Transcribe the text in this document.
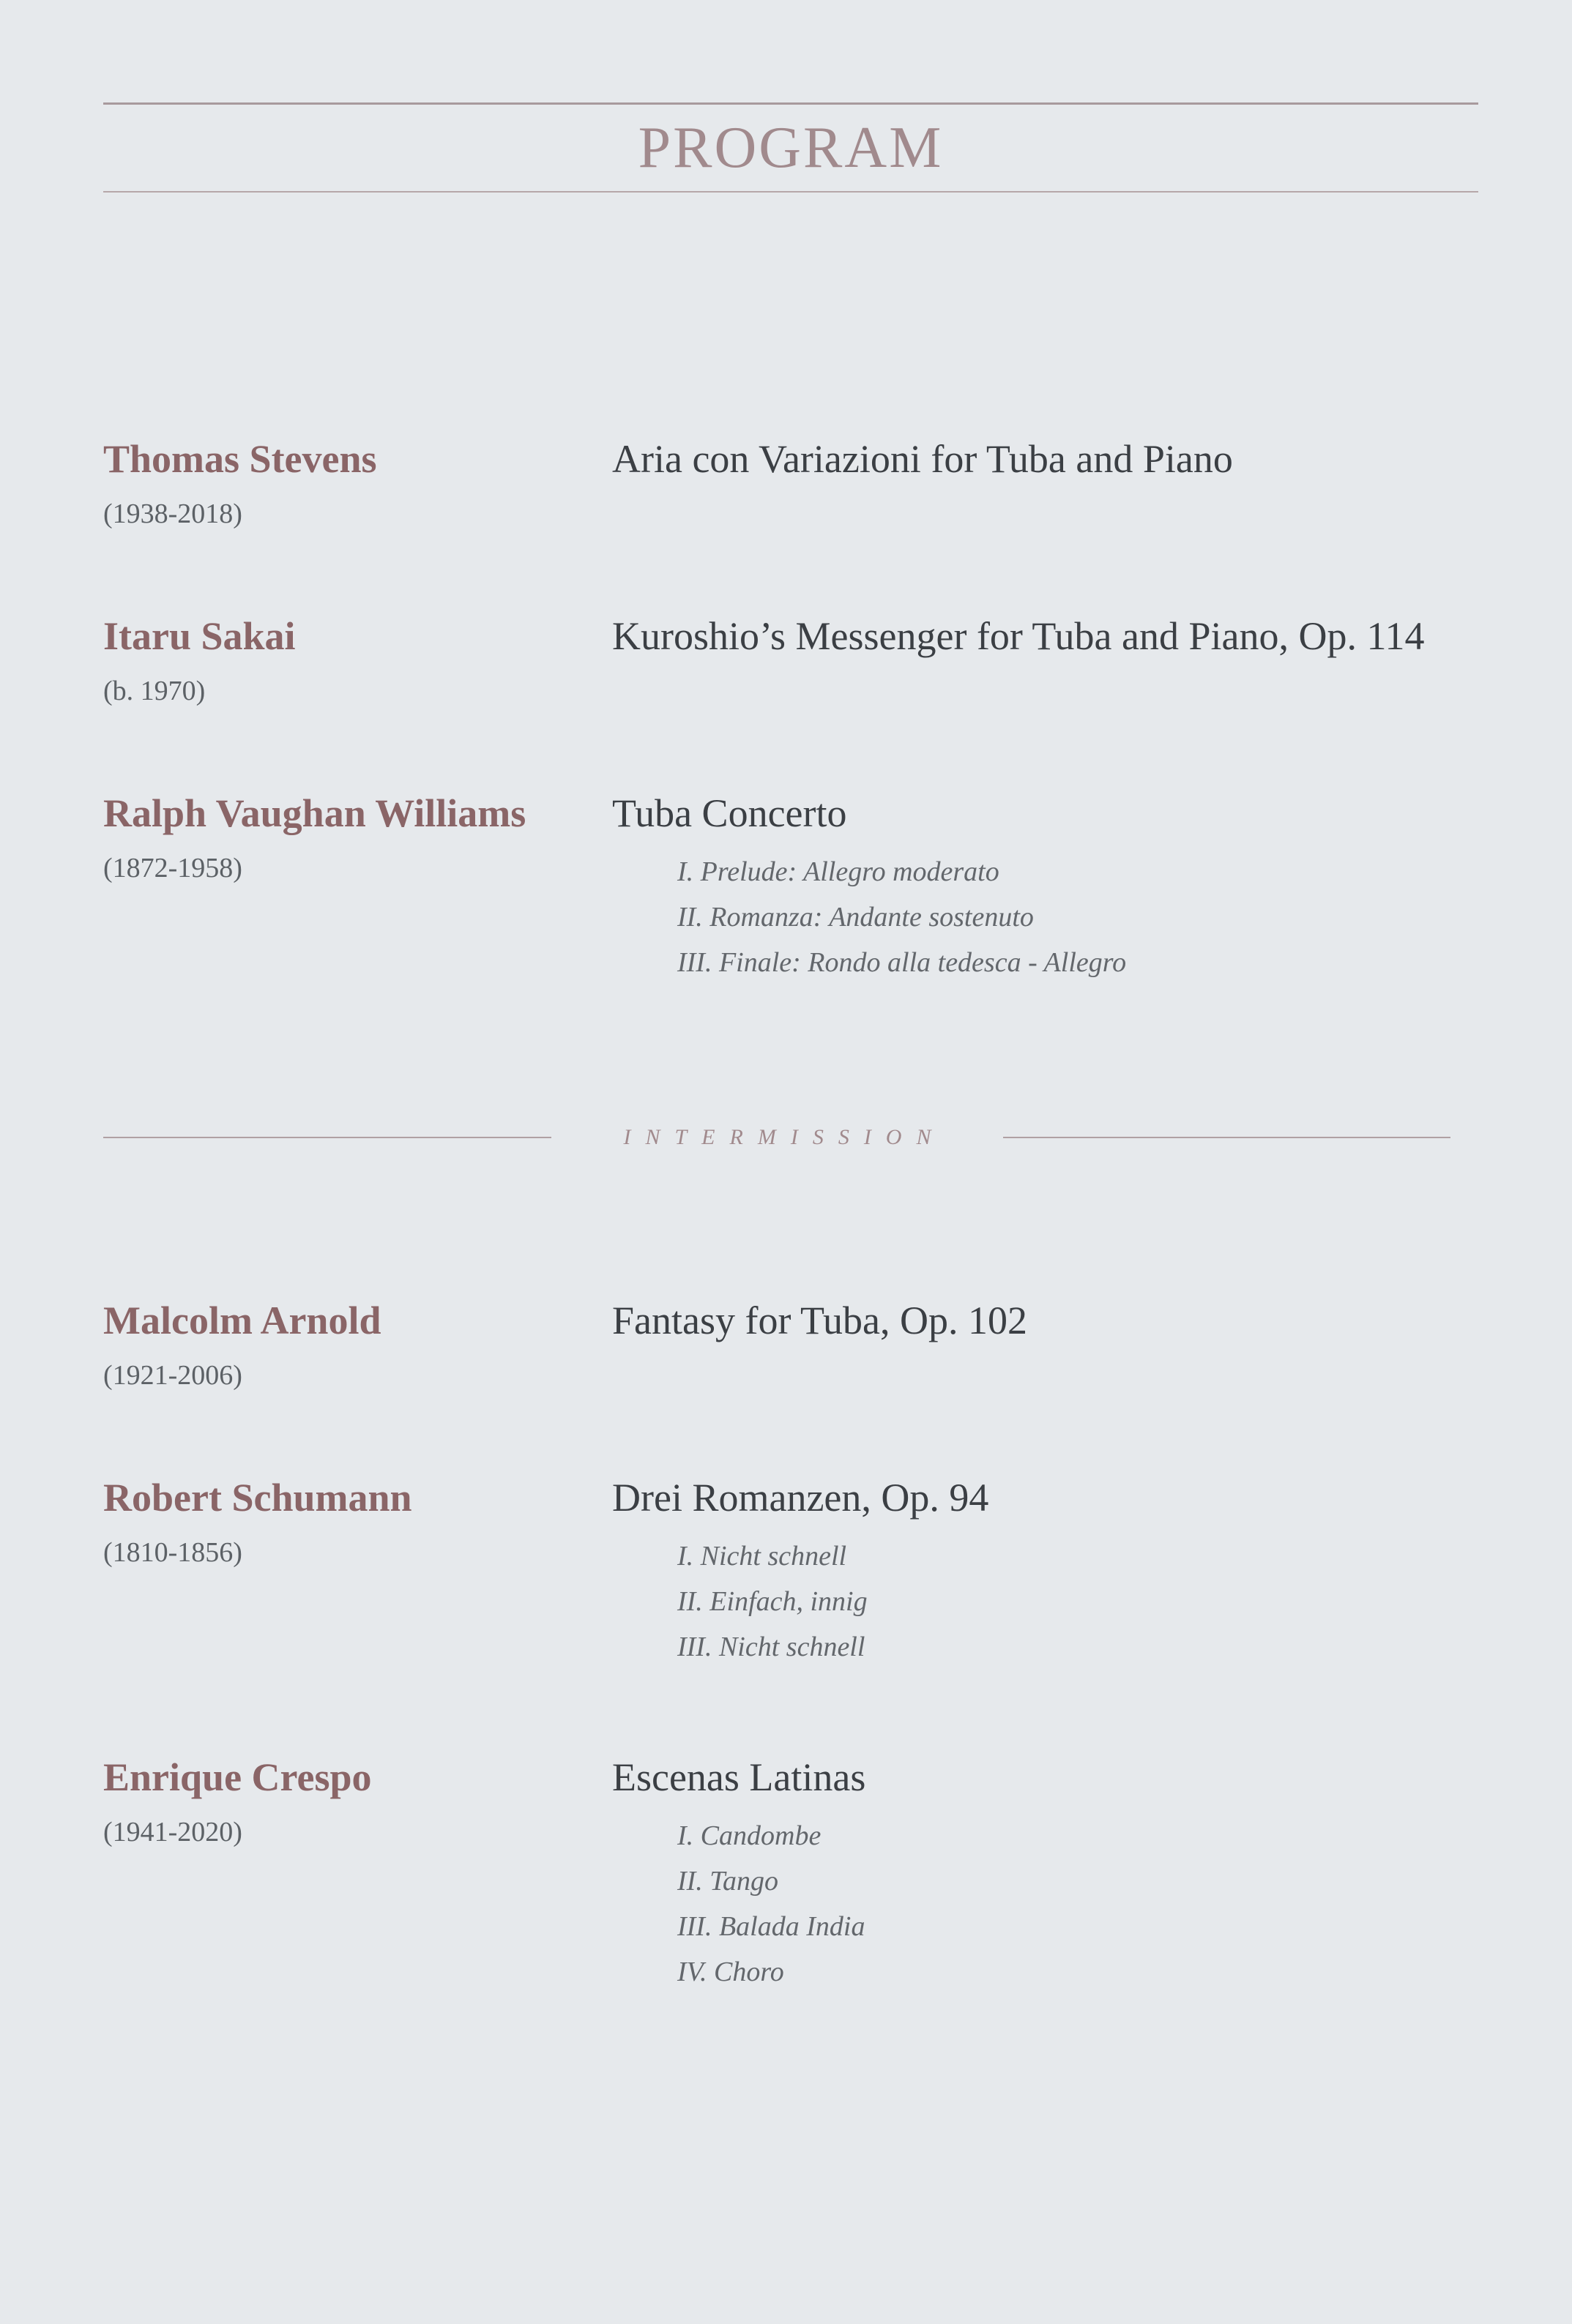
PROGRAM
Thomas Stevens
(1938-2018)
Aria con Variazioni for Tuba and Piano
Itaru Sakai
(b. 1970)
Kuroshio’s Messenger for Tuba and Piano, Op. 114
Ralph Vaughan Williams
(1872-1958)
Tuba Concerto
I. Prelude: Allegro moderato
II. Romanza: Andante sostenuto
III. Finale: Rondo alla tedesca - Allegro
INTERMISSION
Malcolm Arnold
(1921-2006)
Fantasy for Tuba, Op. 102
Robert Schumann
(1810-1856)
Drei Romanzen, Op. 94
I. Nicht schnell
II. Einfach, innig
III. Nicht schnell
Enrique Crespo
(1941-2020)
Escenas Latinas
I. Candombe
II. Tango
III. Balada India
IV. Choro
